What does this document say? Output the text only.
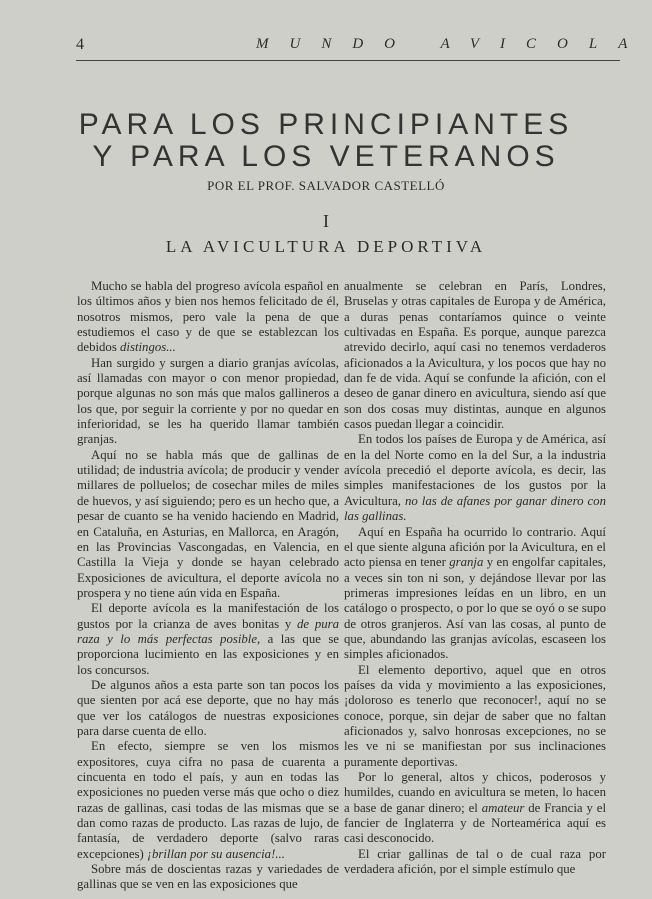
4	MUNDO AVICOLA
PARA LOS PRINCIPIANTES
Y PARA LOS VETERANOS
POR EL PROF. SALVADOR CASTELLÓ
I
LA AVICULTURA DEPORTIVA

Mucho se habla del progreso avícola español en los últimos años y bien nos hemos felicitado de él, nosotros mismos, pero vale la pena de que estudiemos el caso y de que se establezcan los debidos distingos...

Han surgido y surgen a diario granjas avícolas, así llamadas con mayor o con menor propiedad, porque algunas no son más que malos gallineros a los que, por seguir la corriente y por no quedar en inferioridad, se les ha querido llamar también granjas.

Aquí no se habla más que de gallinas de utilidad; de industria avícola; de producir y vender millares de polluelos; de cosechar miles de miles de huevos, y así siguiendo; pero es un hecho que, a pesar de cuanto se ha venido haciendo en Madrid, en Cataluña, en Asturias, en Mallorca, en Aragón, en las Provincias Vascongadas, en Valencia, en Castilla la Vieja y donde se hayan celebrado Exposiciones de avicultura, el deporte avícola no prospera y no tiene aún vida en España.

El deporte avícola es la manifestación de los gustos por la crianza de aves bonitas y de pura raza y lo más perfectas posible, a las que se proporciona lucimiento en las exposiciones y en los concursos.

De algunos años a esta parte son tan pocos los que sienten por acá ese deporte, que no hay más que ver los catálogos de nuestras exposiciones para darse cuenta de ello.

En efecto, siempre se ven los mismos expositores, cuya cifra no pasa de cuarenta a cincuenta en todo el país, y aun en todas las exposiciones no pueden verse más que ocho o diez razas de gallinas, casi todas de las mismas que se dan como razas de producto. Las razas de lujo, de fantasía, de verdadero deporte (salvo raras excepciones) ¡brillan por su ausencia!...

Sobre más de doscientas razas y variedades de gallinas que se ven en las exposiciones que

anualmente se celebran en París, Londres, Bruselas y otras capitales de Europa y de América, a duras penas contaríamos quince o veinte cultivadas en España. Es porque, aunque parezca atrevido decirlo, aquí casi no tenemos verdaderos aficionados a la Avicultura, y los pocos que hay no dan fe de vida. Aquí se confunde la afición, con el deseo de ganar dinero en avicultura, siendo así que son dos cosas muy distintas, aunque en algunos casos puedan llegar a coincidir.

En todos los países de Europa y de América, así en la del Norte como en la del Sur, a la industria avícola precedió el deporte avícola, es decir, las simples manifestaciones de los gustos por la Avicultura, no las de afanes por ganar dinero con las gallinas.

Aquí en España ha ocurrido lo contrario. Aquí el que siente alguna afición por la Avicultura, en el acto piensa en tener granja y en engolfar capitales, a veces sin ton ni son, y dejándose llevar por las primeras impresiones leídas en un libro, en un catálogo o prospecto, o por lo que se oyó o se supo de otros granjeros. Así van las cosas, al punto de que, abundando las granjas avícolas, escaseen los simples aficionados.

El elemento deportivo, aquel que en otros países da vida y movimiento a las exposiciones, ¡doloroso es tenerlo que reconocer!, aquí no se conoce, porque, sin dejar de saber que no faltan aficionados y, salvo honrosas excepciones, no se les ve ni se manifiestan por sus inclinaciones puramente deportivas.

Por lo general, altos y chicos, poderosos y humildes, cuando en avicultura se meten, lo hacen a base de ganar dinero; el amateur de Francia y el fancier de Inglaterra y de Norteamérica aquí es casi desconocido.

El criar gallinas de tal o de cual raza por verdadera afición, por el simple estímulo que
